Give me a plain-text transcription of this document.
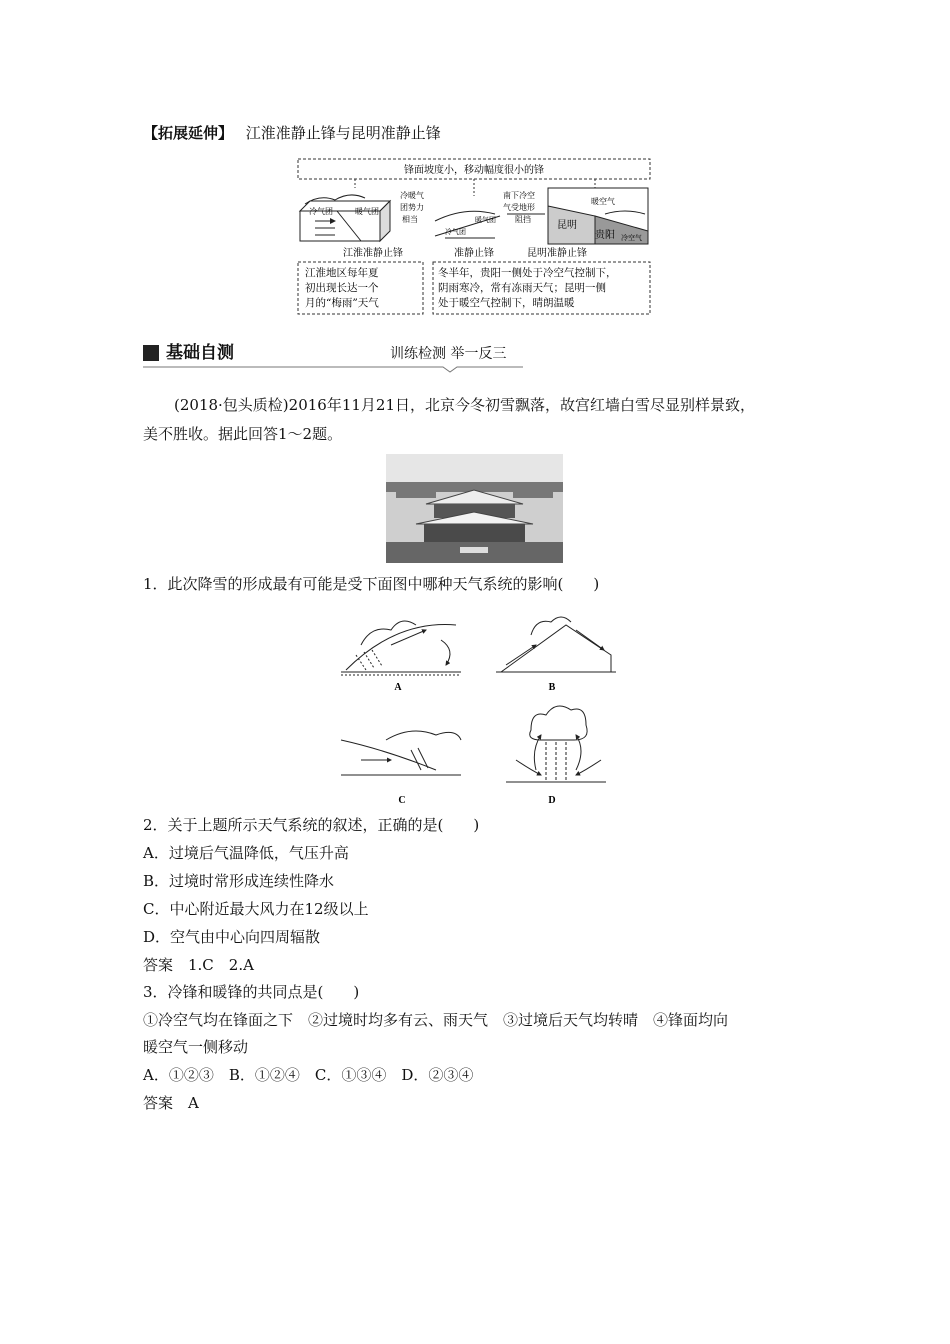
【拓展延伸】 江淮准静止锋与昆明准静止锋
锋面坡度小，移动幅度很小的锋
冷气团	暖气团
冷暖气
团势力
相当
冷气团
暖气团
南下冷空
气受地形
阻挡
暖空气
冷空气
昆明
贵阳
江淮准静止锋	准静止锋	昆明准静止锋
江淮地区每年夏
初出现长达一个
月的“梅雨”天气
冬半年，贵阳一侧处于冷空气控制下，
阴雨寒冷，常有冻雨天气；昆明一侧
处于暖空气控制下，晴朗温暖
基础自测	训练检测 举一反三
(2018·包头质检)2016年11月21日，北京今冬初雪飘落，故宫红墙白雪尽显别样景致，
美不胜收。据此回答1～2题。
1．此次降雪的形成最有可能是受下面图中哪种天气系统的影响(　　)
A	B
C	D
2．关于上题所示天气系统的叙述，正确的是(　　)
A．过境后气温降低，气压升高
B．过境时常形成连续性降水
C．中心附近最大风力在12级以上
D．空气由中心向四周辐散
答案　1.C　2.A
3．冷锋和暖锋的共同点是(　　)
①冷空气均在锋面之下　②过境时均多有云、雨天气　③过境后天气均转晴　④锋面均向
暖空气一侧移动
A．①②③　B．①②④　C．①③④　D．②③④
答案　A
